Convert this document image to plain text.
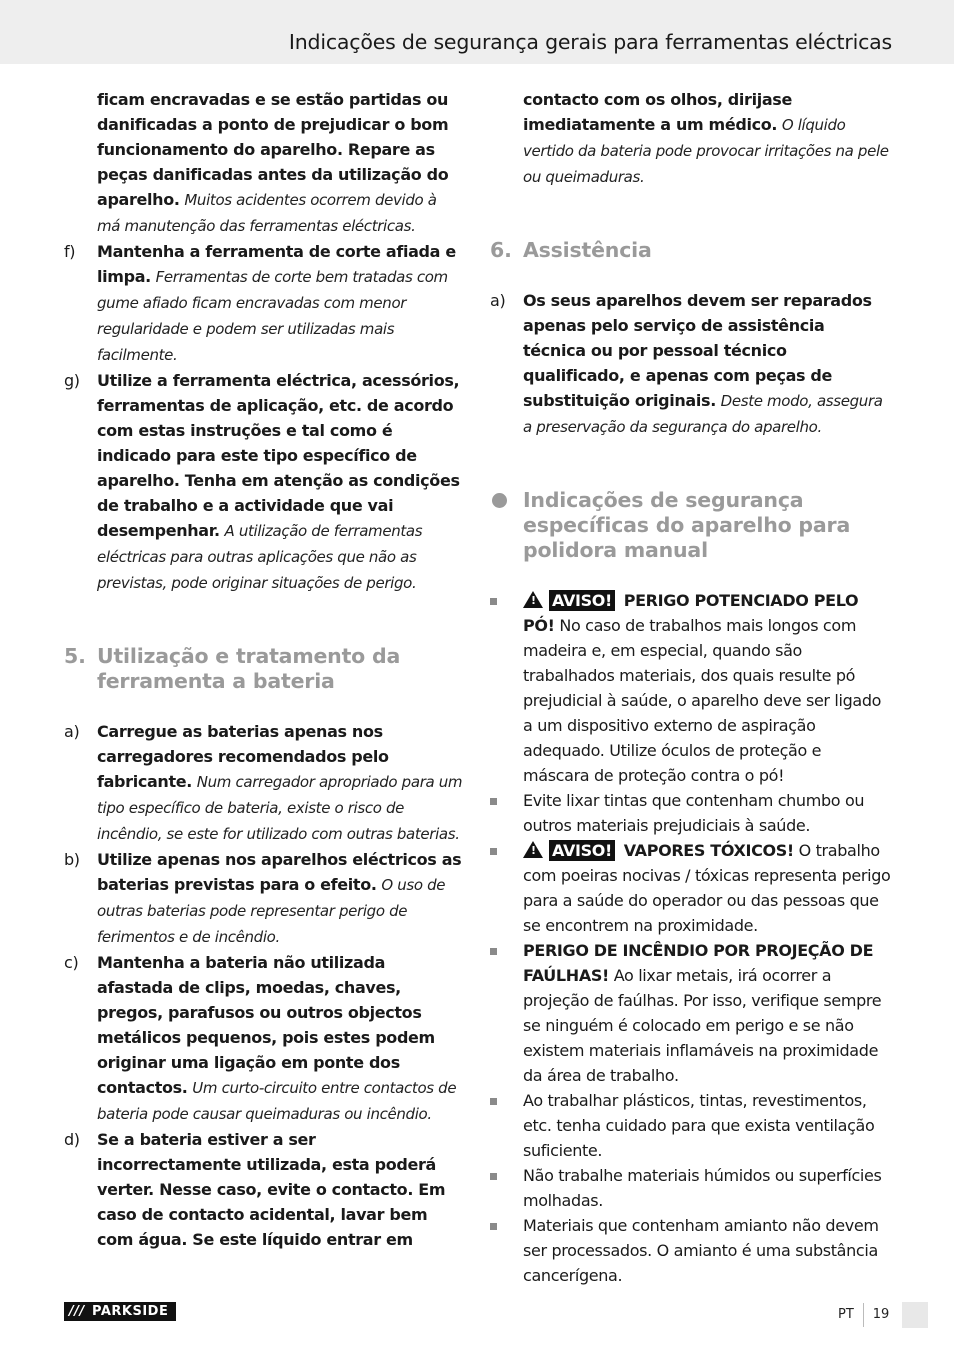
Indicações de segurança gerais para ferramentas eléctricas
ficam encravadas e se estão partidas ou danificadas a ponto de prejudicar o bom funcionamento do aparelho. Repare as peças danificadas antes da utilização do aparelho. Muitos acidentes ocorrem devido à má manutenção das ferramentas eléctricas.
f) Mantenha a ferramenta de corte afiada e limpa. Ferramentas de corte bem tratadas com gume afiado ficam encravadas com menor regularidade e podem ser utilizadas mais facilmente.
g) Utilize a ferramenta eléctrica, acessórios, ferramentas de aplicação, etc. de acordo com estas instruções e tal como é indicado para este tipo específico de aparelho. Tenha em atenção as condições de trabalho e a actividade que vai desempenhar. A utilização de ferramentas eléctricas para outras aplicações que não as previstas, pode originar situações de perigo.
5. Utilização e tratamento da ferramenta a bateria
a) Carregue as baterias apenas nos carregadores recomendados pelo fabricante. Num carregador apropriado para um tipo específico de bateria, existe o risco de incêndio, se este for utilizado com outras baterias.
b) Utilize apenas nos aparelhos eléctricos as baterias previstas para o efeito. O uso de outras baterias pode representar perigo de ferimentos e de incêndio.
c) Mantenha a bateria não utilizada afastada de clips, moedas, chaves, pregos, parafusos ou outros objectos metálicos pequenos, pois estes podem originar uma ligação em ponte dos contactos. Um curto-circuito entre contactos de bateria pode causar queimaduras ou incêndio.
d) Se a bateria estiver a ser incorrectamente utilizada, esta poderá verter. Nesse caso, evite o contacto. Em caso de contacto acidental, lavar bem com água. Se este líquido entrar em
contacto com os olhos, dirijase imediatamente a um médico. O líquido vertido da bateria pode provocar irritações na pele ou queimaduras.
6. Assistência
a) Os seus aparelhos devem ser reparados apenas pelo serviço de assistência técnica ou por pessoal técnico qualificado, e apenas com peças de substituição originais. Deste modo, assegura a preservação da segurança do aparelho.
Indicações de segurança específicas do aparelho para polidora manual
!AVISO! PERIGO POTENCIADO PELO PÓ! No caso de trabalhos mais longos com madeira e, em especial, quando são trabalhados materiais, dos quais resulte pó prejudicial à saúde, o aparelho deve ser ligado a um dispositivo externo de aspiração adequado. Utilize óculos de proteção e máscara de proteção contra o pó!
Evite lixar tintas que contenham chumbo ou outros materiais prejudiciais à saúde.
!AVISO! VAPORES TÓXICOS! O trabalho com poeiras nocivas / tóxicas representa perigo para a saúde do operador ou das pessoas que se encontrem na proximidade.
PERIGO DE INCÊNDIO POR PROJEÇÃO DE FAÚLHAS! Ao lixar metais, irá ocorrer a projeção de faúlhas. Por isso, verifique sempre se ninguém é colocado em perigo e se não existem materiais inflamáveis na proximidade da área de trabalho.
Ao trabalhar plásticos, tintas, revestimentos, etc. tenha cuidado para que exista ventilação suficiente.
Não trabalhe materiais húmidos ou superfícies molhadas.
Materiais que contenham amianto não devem ser processados. O amianto é uma substância cancerígena.
/// PARKSIDE	PT 19
